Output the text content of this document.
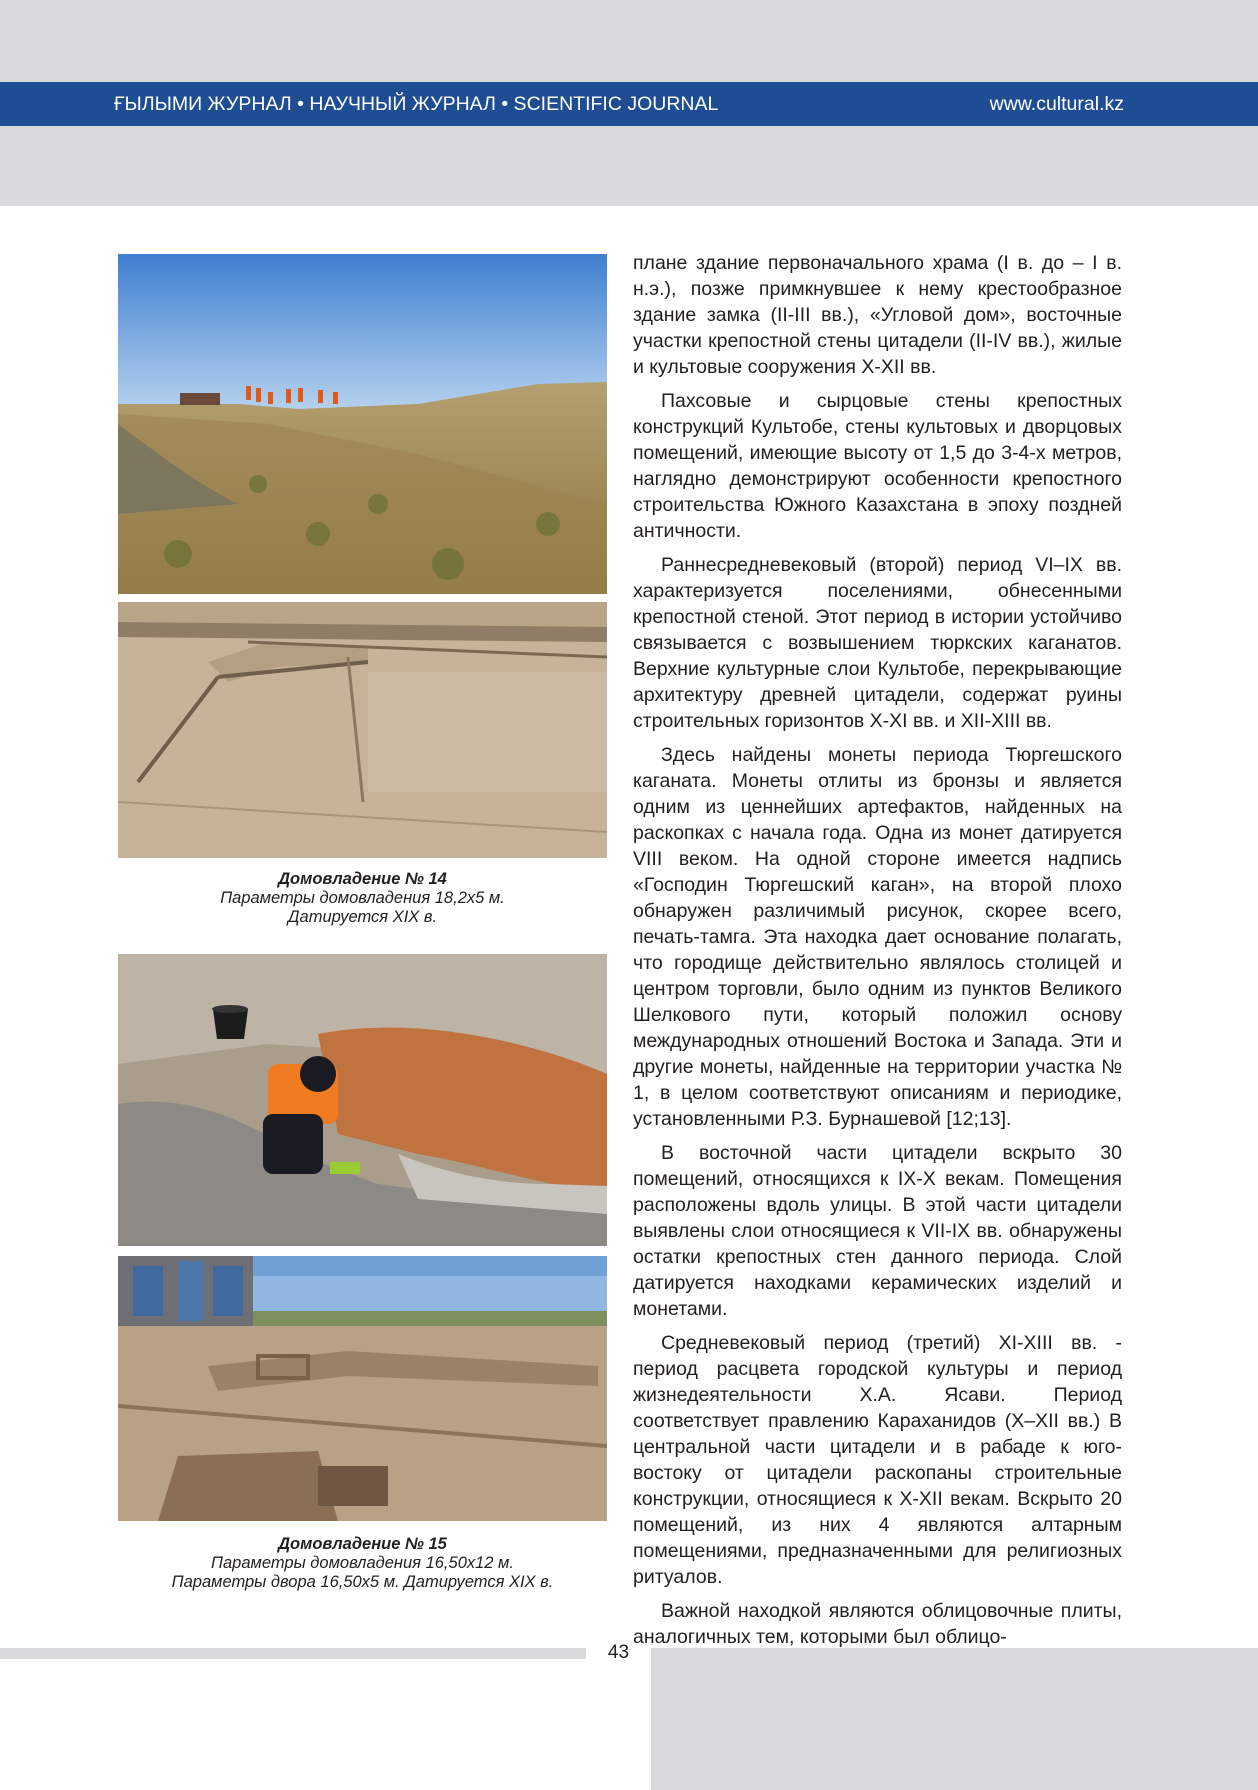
ҒЫЛЫМИ ЖУРНАЛ • НАУЧНЫЙ ЖУРНАЛ • SCIENTIFIC JOURNAL	www.cultural.kz
Домовладение № 14
Параметры домовладения 18,2х5 м.
Датируется XIX в.
Домовладение № 15
Параметры домовладения 16,50х12 м.
Параметры двора 16,50х5 м. Датируется XIX в.

плане здание первоначального храма (I в. до – I в. н.э.), позже примкнувшее к нему крестообразное здание замка (II-III вв.), «Угловой дом», восточные участки крепостной стены цитадели (II-IV вв.), жилые и культовые сооружения X-XII вв.

Пахсовые и сырцовые стены крепостных конструкций Культобе, стены культовых и дворцовых помещений, имеющие высоту от 1,5 до 3-4-х метров, наглядно демонстрируют особенности крепостного строительства Южного Казахстана в эпоху поздней античности.

Раннесредневековый (второй) период VI–IX вв. характеризуется поселениями, обнесенными крепостной стеной. Этот период в истории устойчиво связывается с возвышением тюркских каганатов. Верхние культурные слои Культобе, перекрывающие архитектуру древней цитадели, содержат руины строительных горизонтов X-XI вв. и XII-XIII вв.

Здесь найдены монеты периода Тюргешского каганата. Монеты отлиты из бронзы и является одним из ценнейших артефактов, найденных на раскопках с начала года. Одна из монет датируется VIII веком. На одной стороне имеется надпись «Господин Тюргешский каган», на второй плохо обнаружен различимый рисунок, скорее всего, печать-тамга. Эта находка дает основание полагать, что городище действительно являлось столицей и центром торговли, было одним из пунктов Великого Шелкового пути, который положил основу международных отношений Востока и Запада. Эти и другие монеты, найденные на территории участка № 1, в целом соответствуют описаниям и периодике, установленными Р.З. Бурнашевой [12;13].

В восточной части цитадели вскрыто 30 помещений, относящихся к IX-X векам. Помещения расположены вдоль улицы. В этой части цитадели выявлены слои относящиеся к VII-IX вв. обнаружены остатки крепостных стен данного периода. Слой датируется находками керамических изделий и монетами.

Средневековый период (третий) XI-XIII вв. - период расцвета городской культуры и период жизнедеятельности Х.А. Ясави. Период соответствует правлению Караханидов (X–XII вв.) В центральной части цитадели и в рабаде к юго-востоку от цитадели раскопаны строительные конструкции, относящиеся к X-XII векам. Вскрыто 20 помещений, из них 4 являются алтарным помещениями, предназначенными для религиозных ритуалов.

Важной находкой являются облицовочные плиты, аналогичных тем, которыми был облицо-

43
